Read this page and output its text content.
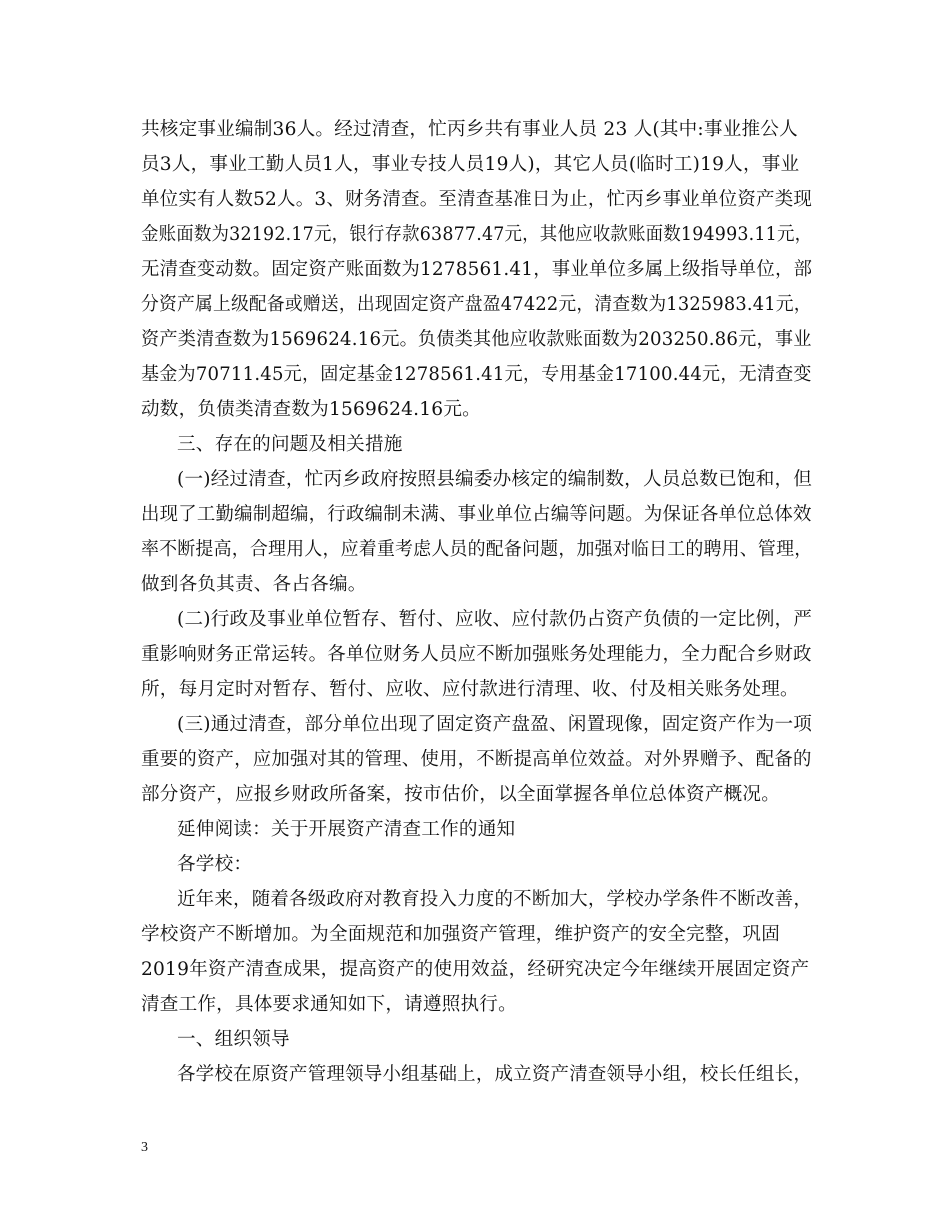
共核定事业编制36人。经过清查，忙丙乡共有事业人员 23 人(其中:事业推公人

员3人，事业工勤人员1人，事业专技人员19人)，其它人员(临时工)19人，事业

单位实有人数52人。3、财务清查。至清查基准日为止，忙丙乡事业单位资产类现

金账面数为32192.17元，银行存款63877.47元，其他应收款账面数194993.11元，

无清查变动数。固定资产账面数为1278561.41，事业单位多属上级指导单位，部

分资产属上级配备或赠送，出现固定资产盘盈47422元，清查数为1325983.41元，

资产类清查数为1569624.16元。负债类其他应收款账面数为203250.86元，事业

基金为70711.45元，固定基金1278561.41元，专用基金17100.44元，无清查变

动数，负债类清查数为1569624.16元。

三、存在的问题及相关措施

(一)经过清查，忙丙乡政府按照县编委办核定的编制数，人员总数已饱和，但

出现了工勤编制超编，行政编制未满、事业单位占编等问题。为保证各单位总体效

率不断提高，合理用人，应着重考虑人员的配备问题，加强对临日工的聘用、管理，

做到各负其责、各占各编。

(二)行政及事业单位暂存、暂付、应收、应付款仍占资产负债的一定比例，严

重影响财务正常运转。各单位财务人员应不断加强账务处理能力，全力配合乡财政

所，每月定时对暂存、暂付、应收、应付款进行清理、收、付及相关账务处理。

(三)通过清查，部分单位出现了固定资产盘盈、闲置现像，固定资产作为一项

重要的资产，应加强对其的管理、使用，不断提高单位效益。对外界赠予、配备的

部分资产，应报乡财政所备案，按市估价，以全面掌握各单位总体资产概况。

延伸阅读：关于开展资产清查工作的通知

各学校：

近年来，随着各级政府对教育投入力度的不断加大，学校办学条件不断改善，

学校资产不断增加。为全面规范和加强资产管理，维护资产的安全完整，巩固

2019年资产清查成果，提高资产的使用效益，经研究决定今年继续开展固定资产

清查工作，具体要求通知如下，请遵照执行。

一、组织领导

各学校在原资产管理领导小组基础上，成立资产清查领导小组，校长任组长，

3
